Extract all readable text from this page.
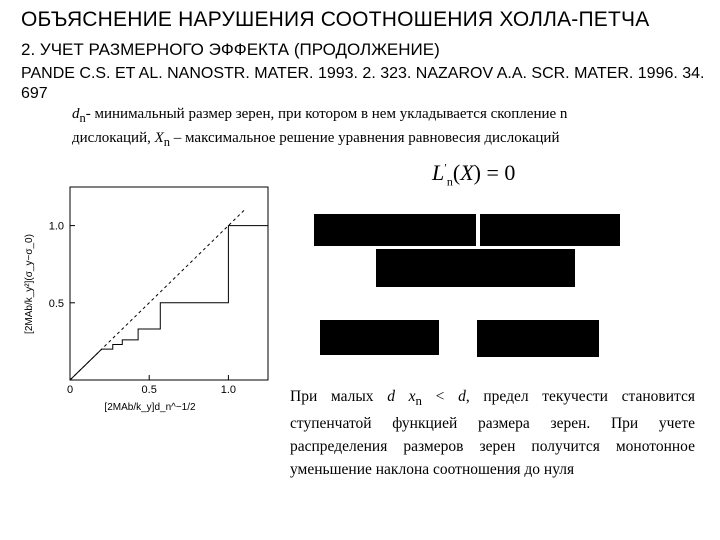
ОБЪЯСНЕНИЕ НАРУШЕНИЯ СООТНОШЕНИЯ ХОЛЛА-ПЕТЧА
2. УЧЕТ РАЗМЕРНОГО ЭФФЕКТА (ПРОДОЛЖЕНИЕ)
PANDE C.S. ET AL. NANOSTR. MATER. 1993. 2. 323. NAZAROV A.A. SCR. MATER. 1996. 34. 697
$d_n-$ минимальный размер зерен, при котором в нем укладывается скопление n
дислокаций, $X_n$ – максимальное решение уравнения равновесия дислокаций
$L'_n(X) = 0$
0	0.5	1.0
0.5
1.0
[2MAb/k_y²](σ_y−σ_0)
[2MAb/k_y]d_n^−1/2
При малых d $x_n < d$, предел текучести становится ступенчатой функцией размера зерен. При учете распределения размеров зерен получится монотонное уменьшение наклона соотношения до нуля
